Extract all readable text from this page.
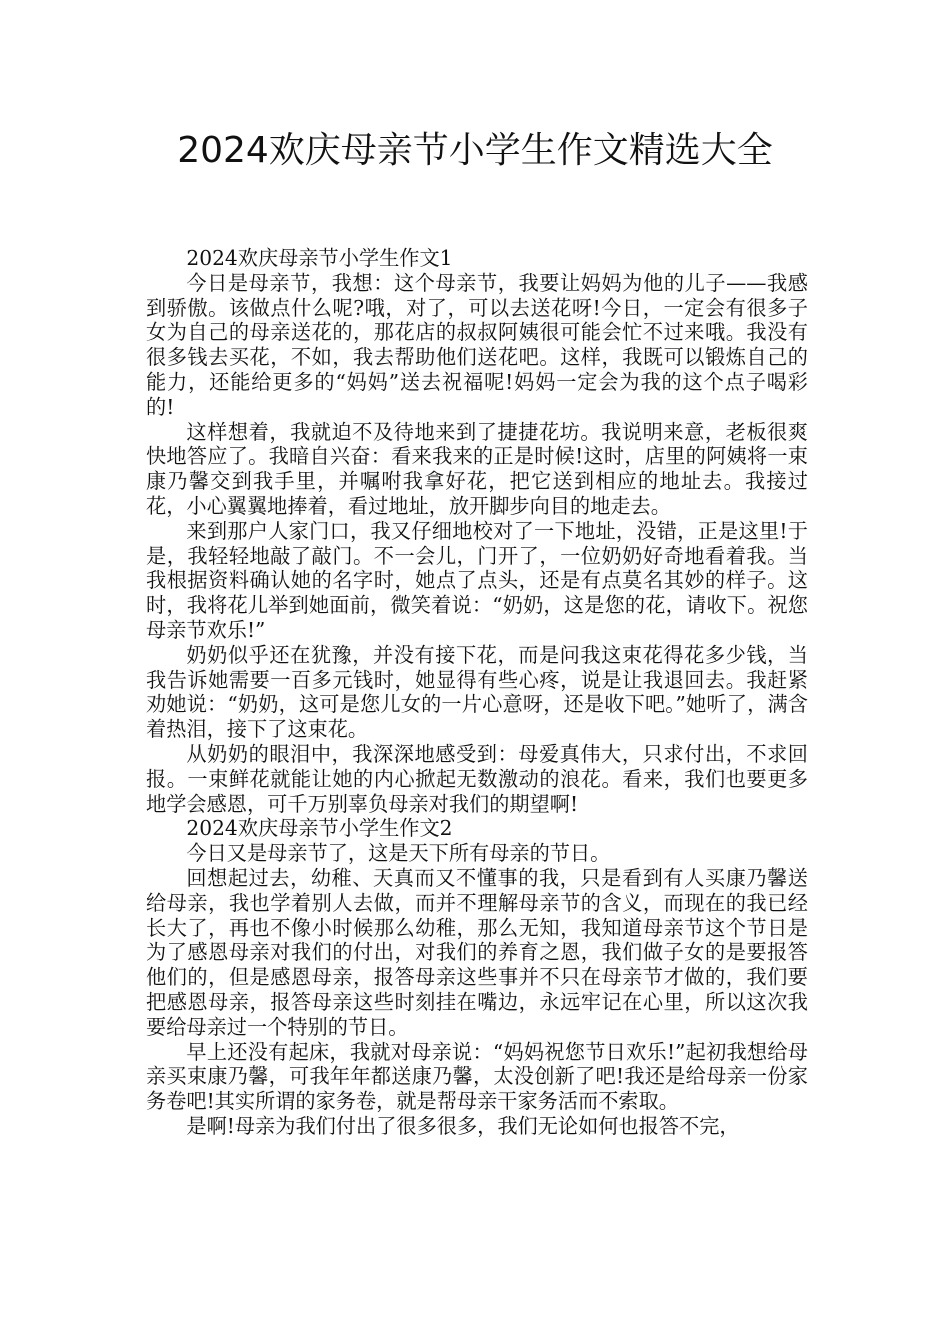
2024欢庆母亲节小学生作文精选大全

2024欢庆母亲节小学生作文1

今日是母亲节，我想：这个母亲节，我要让妈妈为他的儿子——我感到骄傲。该做点什么呢?哦，对了，可以去送花呀!今日，一定会有很多子女为自己的母亲送花的，那花店的叔叔阿姨很可能会忙不过来哦。我没有很多钱去买花，不如，我去帮助他们送花吧。这样，我既可以锻炼自己的能力，还能给更多的“妈妈”送去祝福呢!妈妈一定会为我的这个点子喝彩的!

这样想着，我就迫不及待地来到了捷捷花坊。我说明来意，老板很爽快地答应了。我暗自兴奋：看来我来的正是时候!这时，店里的阿姨将一束康乃馨交到我手里，并嘱咐我拿好花，把它送到相应的地址去。我接过花，小心翼翼地捧着，看过地址，放开脚步向目的地走去。

来到那户人家门口，我又仔细地校对了一下地址，没错，正是这里!于是，我轻轻地敲了敲门。不一会儿，门开了，一位奶奶好奇地看着我。当我根据资料确认她的名字时，她点了点头，还是有点莫名其妙的样子。这时，我将花儿举到她面前，微笑着说：“奶奶，这是您的花，请收下。祝您母亲节欢乐!”

奶奶似乎还在犹豫，并没有接下花，而是问我这束花得花多少钱，当我告诉她需要一百多元钱时，她显得有些心疼，说是让我退回去。我赶紧劝她说：“奶奶，这可是您儿女的一片心意呀，还是收下吧。”她听了，满含着热泪，接下了这束花。

从奶奶的眼泪中，我深深地感受到：母爱真伟大，只求付出，不求回报。一束鲜花就能让她的内心掀起无数激动的浪花。看来，我们也要更多地学会感恩，可千万别辜负母亲对我们的期望啊!

2024欢庆母亲节小学生作文2

今日又是母亲节了，这是天下所有母亲的节日。

回想起过去，幼稚、天真而又不懂事的我，只是看到有人买康乃馨送给母亲，我也学着别人去做，而并不理解母亲节的含义，而现在的我已经长大了，再也不像小时候那么幼稚，那么无知，我知道母亲节这个节日是为了感恩母亲对我们的付出，对我们的养育之恩，我们做子女的是要报答他们的，但是感恩母亲，报答母亲这些事并不只在母亲节才做的，我们要把感恩母亲，报答母亲这些时刻挂在嘴边，永远牢记在心里，所以这次我要给母亲过一个特别的节日。

早上还没有起床，我就对母亲说：“妈妈祝您节日欢乐!”起初我想给母亲买束康乃馨，可我年年都送康乃馨，太没创新了吧!我还是给母亲一份家务卷吧!其实所谓的家务卷，就是帮母亲干家务活而不索取。

是啊!母亲为我们付出了很多很多，我们无论如何也报答不完，
